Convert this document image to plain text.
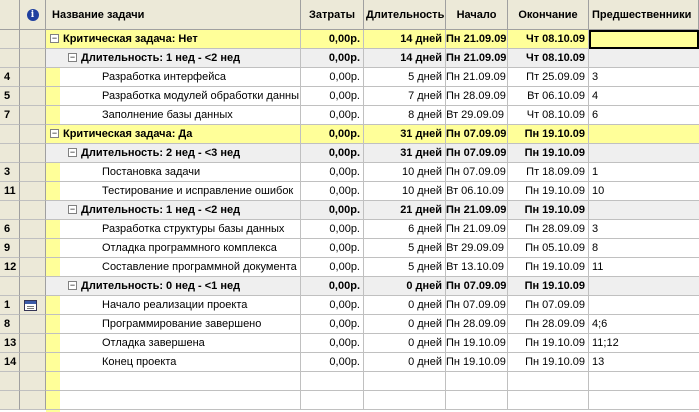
i	Название задачи	Затраты	Длительность	Начало	Окончание	Предшественники
− Критическая задача: Нет	0,00р.	14 дней Пн 21.09.09	Чт 08.10.09
− Длительность: 1 нед - <2 нед	0,00р.	14 дней Пн 21.09.09	Чт 08.10.09
4	Разработка интерфейса	0,00р.	5 дней Пн 21.09.09	Пт 25.09.09 3
5	Разработка модулей обработки данны	0,00р.	7 дней Пн 28.09.09	Вт 06.10.09 4
7	Заполнение базы данных	0,00р.	8 дней Вт 29.09.09	Чт 08.10.09 6
− Критическая задача: Да	0,00р.	31 дней Пн 07.09.09	Пн 19.10.09
− Длительность: 2 нед - <3 нед	0,00р.	31 дней Пн 07.09.09	Пн 19.10.09
3	Постановка задачи	0,00р.	10 дней Пн 07.09.09	Пт 18.09.09 1
11	Тестирование и исправление ошибок	0,00р.	10 дней Вт 06.10.09	Пн 19.10.09 10
− Длительность: 1 нед - <2 нед	0,00р.	21 дней Пн 21.09.09	Пн 19.10.09
6	Разработка структуры базы данных	0,00р.	6 дней Пн 21.09.09	Пн 28.09.09 3
9	Отладка программного комплекса	0,00р.	5 дней Вт 29.09.09	Пн 05.10.09 8
12	Составление программной документа	0,00р.	5 дней Вт 13.10.09	Пн 19.10.09 11
− Длительность: 0 нед - <1 нед	0,00р.	0 дней Пн 07.09.09	Пн 19.10.09
1	Начало реализации проекта	0,00р.	0 дней Пн 07.09.09	Пн 07.09.09
8	Программирование завершено	0,00р.	0 дней Пн 28.09.09	Пн 28.09.09 4;6
13	Отладка завершена	0,00р.	0 дней Пн 19.10.09	Пн 19.10.09 11;12
14	Конец проекта	0,00р.	0 дней Пн 19.10.09	Пн 19.10.09 13
